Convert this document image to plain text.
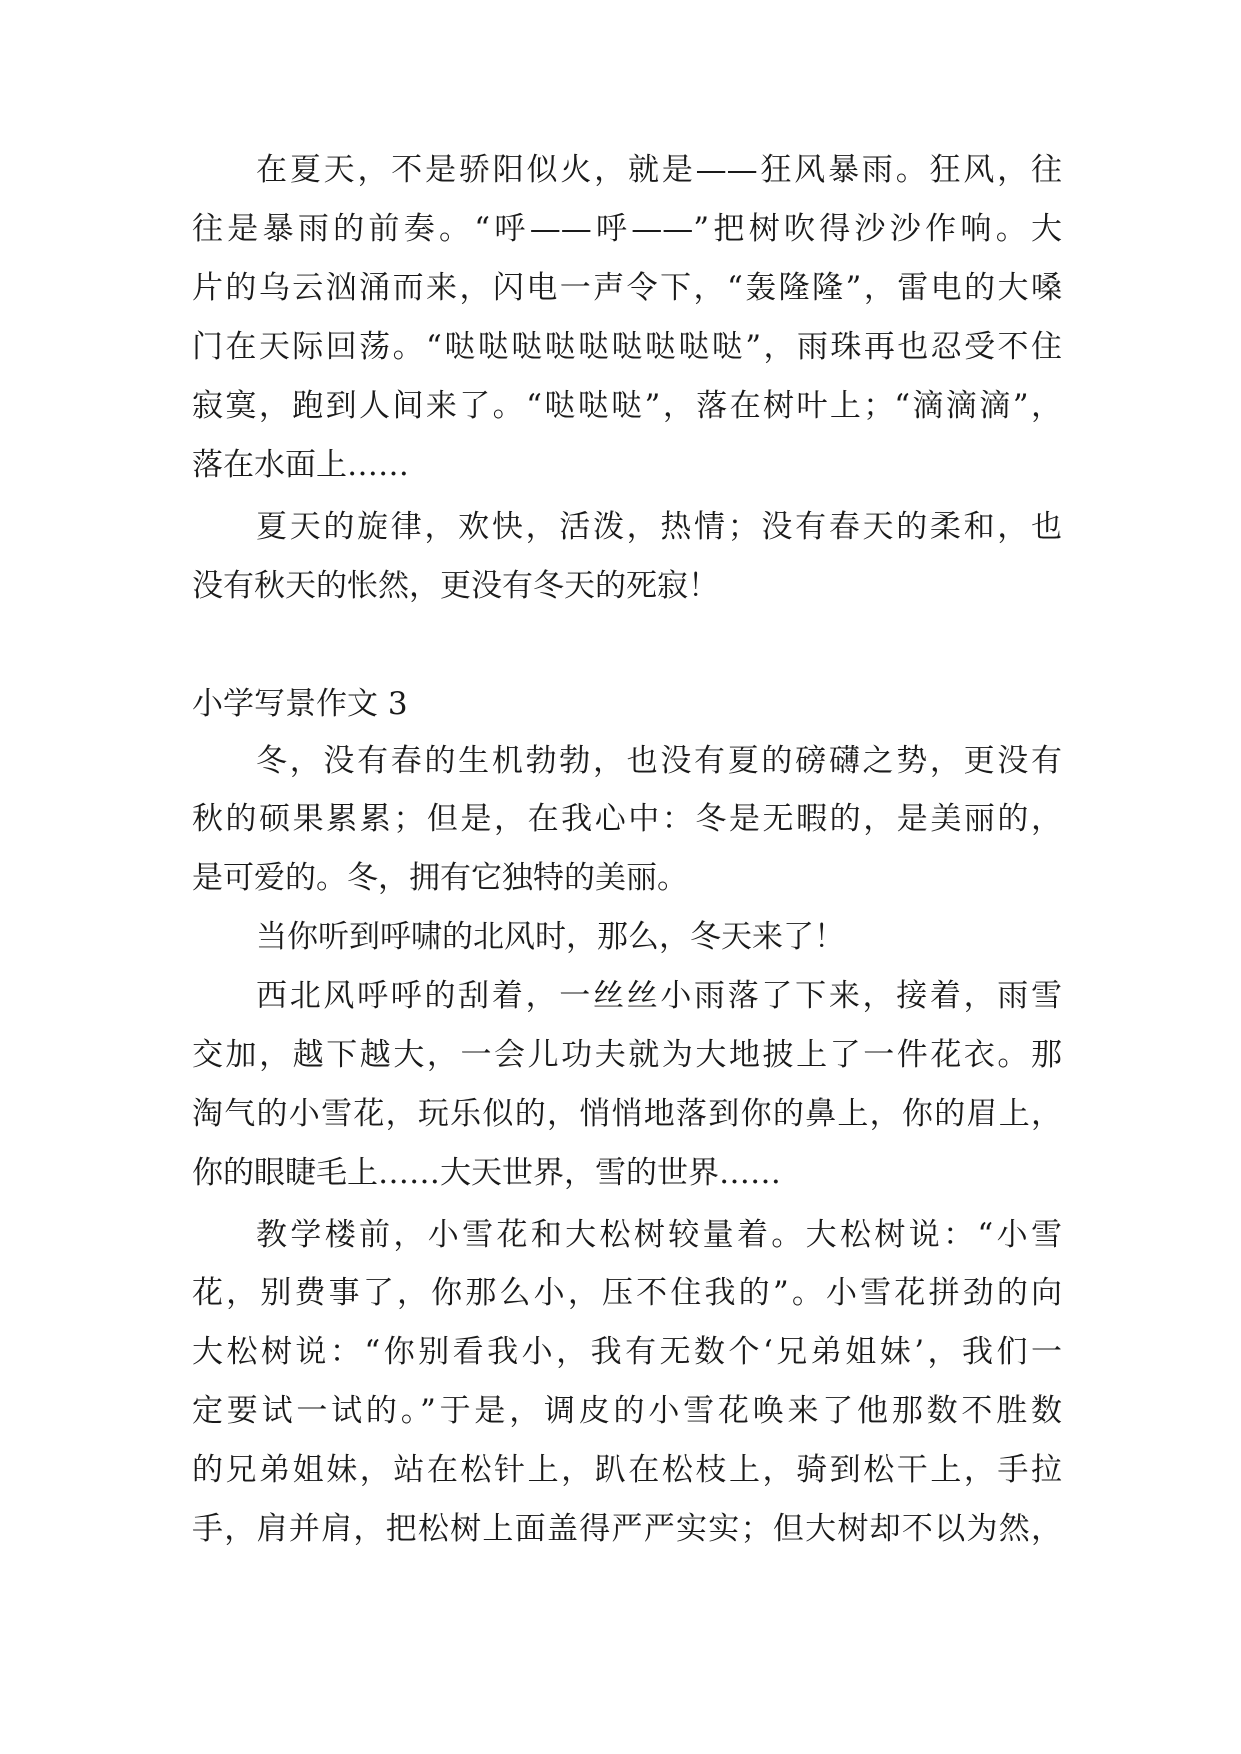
在夏天，不是骄阳似火，就是——狂风暴雨。狂风，往
往是暴雨的前奏。“呼——呼——”把树吹得沙沙作响。大
片的乌云汹涌而来，闪电一声令下，“轰隆隆”，雷电的大嗓
门在天际回荡。“哒哒哒哒哒哒哒哒哒”，雨珠再也忍受不住
寂寞，跑到人间来了。“哒哒哒”，落在树叶上；“滴滴滴”，
落在水面上……
夏天的旋律，欢快，活泼，热情；没有春天的柔和，也
没有秋天的怅然，更没有冬天的死寂！
小学写景作文 3
冬，没有春的生机勃勃，也没有夏的磅礴之势，更没有
秋的硕果累累；但是，在我心中：冬是无暇的，是美丽的，
是可爱的。冬，拥有它独特的美丽。
当你听到呼啸的北风时，那么，冬天来了！
西北风呼呼的刮着，一丝丝小雨落了下来，接着，雨雪
交加，越下越大，一会儿功夫就为大地披上了一件花衣。那
淘气的小雪花，玩乐似的，悄悄地落到你的鼻上，你的眉上，
你的眼睫毛上……大天世界，雪的世界……
教学楼前，小雪花和大松树较量着。大松树说：“小雪
花，别费事了，你那么小，压不住我的”。小雪花拼劲的向
大松树说：“你别看我小，我有无数个‘兄弟姐妹’，我们一
定要试一试的。”于是，调皮的小雪花唤来了他那数不胜数
的兄弟姐妹，站在松针上，趴在松枝上，骑到松干上，手拉
手，肩并肩，把松树上面盖得严严实实；但大树却不以为然，
